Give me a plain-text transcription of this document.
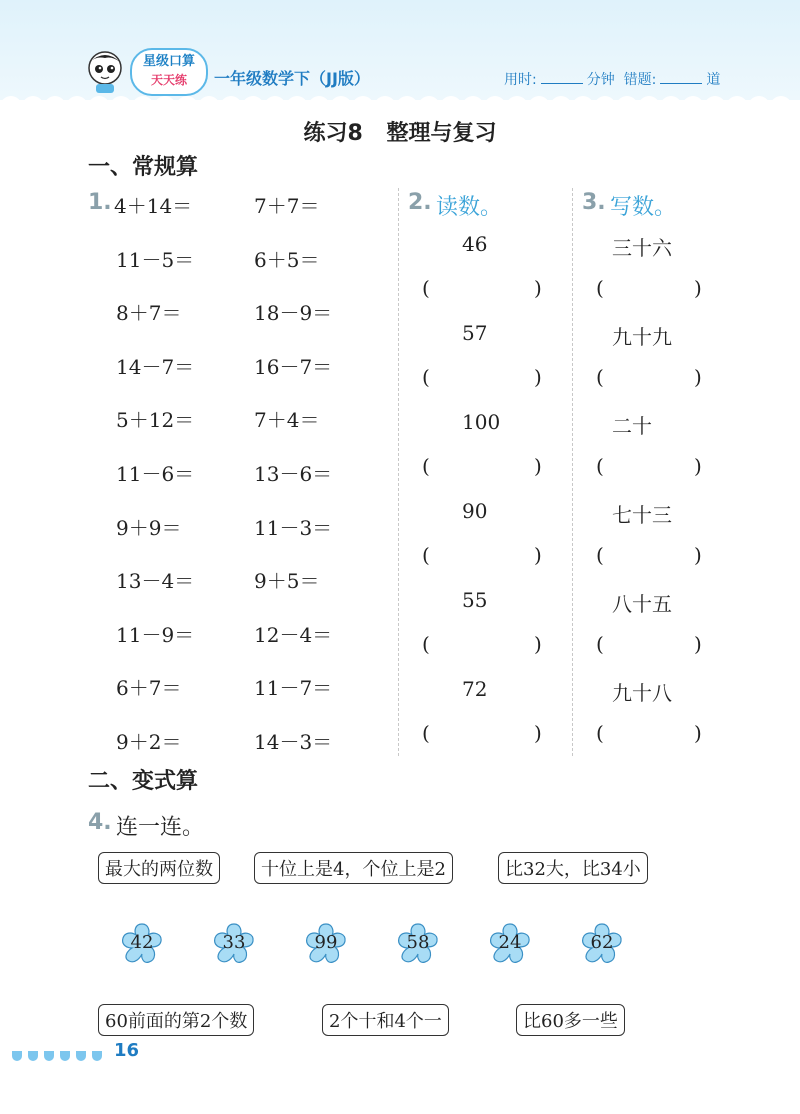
星级口算
天天练	一年级数学下（JJ版）	用时:	分钟 错题:	道
练习8 整理与复习
一、常规算
1. 4＋14＝	7＋7＝
11－5＝	6＋5＝
8＋7＝	18－9＝
14－7＝	16－7＝
5＋12＝	7＋4＝
11－6＝	13－6＝
9＋9＝	11－3＝
13－4＝	9＋5＝
11－9＝	12－4＝
6＋7＝	11－7＝
9＋2＝	14－3＝
2. 读数。
46
(	)
57
(	)
100
(	)
90
(	)
55
(	)
72
(	)
3. 写数。
三十六
(	)
九十九
(	)
二十
(	)
七十三
(	)
八十五
(	)
九十八
(	)
二、变式算
4. 连一连。
最大的两位数	十位上是4，个位上是2	比32大，比34小
42	33	99	58	24	62
60前面的第2个数	2个十和4个一	比60多一些
16
